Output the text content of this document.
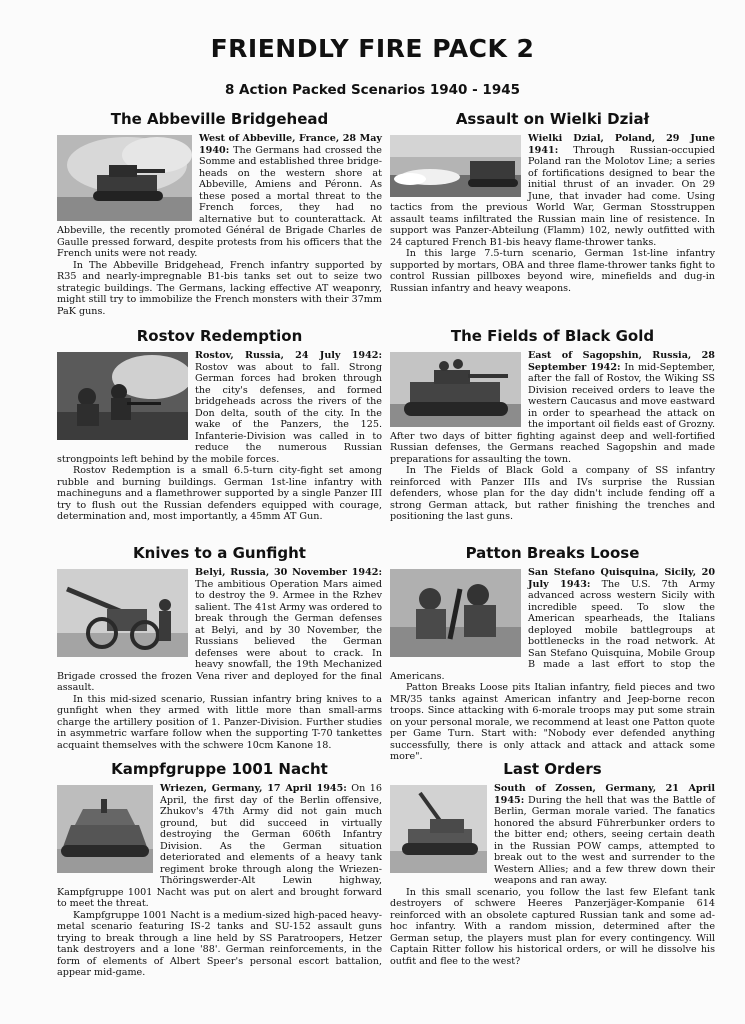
FRIENDLY FIRE PACK 2
8 Action Packed Scenarios 1940 - 1945
The Abbeville Bridgehead

West of Abbeville, France, 28 May 1940: The Germans had crossed the Somme and established three bridge-heads on the western shore at Abbeville, Amiens and Péronn. As these posed a mortal threat to the French forces, they had no alternative but to counterattack. At Abbeville, the recently promoted Général de Brigade Charles de Gaulle pressed forward, despite protests from his officers that the French units were not ready.

In The Abbeville Bridgehead, French infantry supported by R35 and nearly-impregnable B1-bis tanks set out to seize two strategic buildings. The Germans, lacking effective AT weaponry, might still try to immobilize the French monsters with their 37mm PaK guns.

Assault on Wielki Dział

Wielki Dzial, Poland, 29 June 1941: Through Russian-occupied Poland ran the Molotov Line; a series of fortifications designed to bear the initial thrust of an invader. On 29 June, that invader had come. Using tactics from the previous World War, German Stosstruppen assault teams infiltrated the Russian main line of resistence. In support was Panzer-Abteilung (Flamm) 102, newly outfitted with 24 captured French B1-bis heavy flame-thrower tanks.

In this large 7.5-turn scenario, German 1st-line infantry supported by mortars, OBA and three flame-thrower tanks fight to control Russian pillboxes beyond wire, minefields and dug-in Russian infantry and heavy weapons.

Rostov Redemption

Rostov, Russia, 24 July 1942: Rostov was about to fall. Strong German forces had broken through the city's defenses, and formed bridgeheads across the rivers of the Don delta, south of the city. In the wake of the Panzers, the 125. Infanterie-Division was called in to reduce the numerous Russian strongpoints left behind by the mobile forces.

Rostov Redemption is a small 6.5-turn city-fight set among rubble and burning buildings. German 1st-line infantry with machineguns and a flamethrower supported by a single Panzer III try to flush out the Russian defenders equipped with courage, determination and, most importantly, a 45mm AT Gun.

The Fields of Black Gold

East of Sagopshin, Russia, 28 September 1942: In mid-September, after the fall of Rostov, the Wiking SS Division received orders to leave the western Caucasus and move eastward in order to spearhead the attack on the important oil fields east of Grozny. After two days of bitter fighting against deep and well-fortified Russian defenses, the Germans reached Sagopshin and made preparations for assaulting the town.

In The Fields of Black Gold a company of SS infantry reinforced with Panzer IIIs and IVs surprise the Russian defenders, whose plan for the day didn't include fending off a strong German attack, but rather finishing the trenches and positioning the last guns.

Knives to a Gunfight

Belyi, Russia, 30 November 1942: The ambitious Operation Mars aimed to destroy the 9. Armee in the Rzhev salient. The 41st Army was ordered to break through the German defenses at Belyi, and by 30 November, the Russians believed the German defenses were about to crack. In heavy snowfall, the 19th Mechanized Brigade crossed the frozen Vena river and deployed for the final assault.

In this mid-sized scenario, Russian infantry bring knives to a gunfight when they armed with little more than small-arms charge the artillery position of 1. Panzer-Division. Further studies in asymmetric warfare follow when the supporting T-70 tankettes acquaint themselves with the schwere 10cm Kanone 18.

Patton Breaks Loose

San Stefano Quisquina, Sicily, 20 July 1943: The U.S. 7th Army advanced across western Sicily with incredible speed. To slow the American spearheads, the Italians deployed mobile battlegroups at bottlenecks in the road network. At San Stefano Quisquina, Mobile Group B made a last effort to stop the Americans.

Patton Breaks Loose pits Italian infantry, field pieces and two MR/35 tanks against American infantry and Jeep-borne recon troops. Since attacking with 6-morale troops may put some strain on your personal morale, we recommend at least one Patton quote per Game Turn. Start with: "Nobody ever defended anything successfully, there is only attack and attack and attack some more".

Kampfgruppe 1001 Nacht

Wriezen, Germany, 17 April 1945: On 16 April, the first day of the Berlin offensive, Zhukov's 47th Army did not gain much ground, but did succeed in virtually destroying the German 606th Infantry Division. As the German situation deteriorated and elements of a heavy tank regiment broke through along the Wriezen-Thöringswerder-Alt Lewin highway, Kampfgruppe 1001 Nacht was put on alert and brought forward to meet the threat.

Kampfgruppe 1001 Nacht is a medium-sized high-paced heavy-metal scenario featuring IS-2 tanks and SU-152 assault guns trying to break through a line held by SS Paratroopers, Hetzer tank destroyers and a lone '88'. German reinforcements, in the form of elements of Albert Speer's personal escort battalion, appear mid-game.

Last Orders

South of Zossen, Germany, 21 April 1945: During the hell that was the Battle of Berlin, German morale varied. The fanatics honored the absurd Führerbunker orders to the bitter end; others, seeing certain death in the Russian POW camps, attempted to break out to the west and surrender to the Western Allies; and a few threw down their weapons and ran away.

In this small scenario, you follow the last few Elefant tank destroyers of schwere Heeres Panzerjäger-Kompanie 614 reinforced with an obsolete captured Russian tank and some ad-hoc infantry. With a random mission, determined after the German setup, the players must plan for every contingency. Will Captain Ritter follow his historical orders, or will he dissolve his outfit and flee to the west?
